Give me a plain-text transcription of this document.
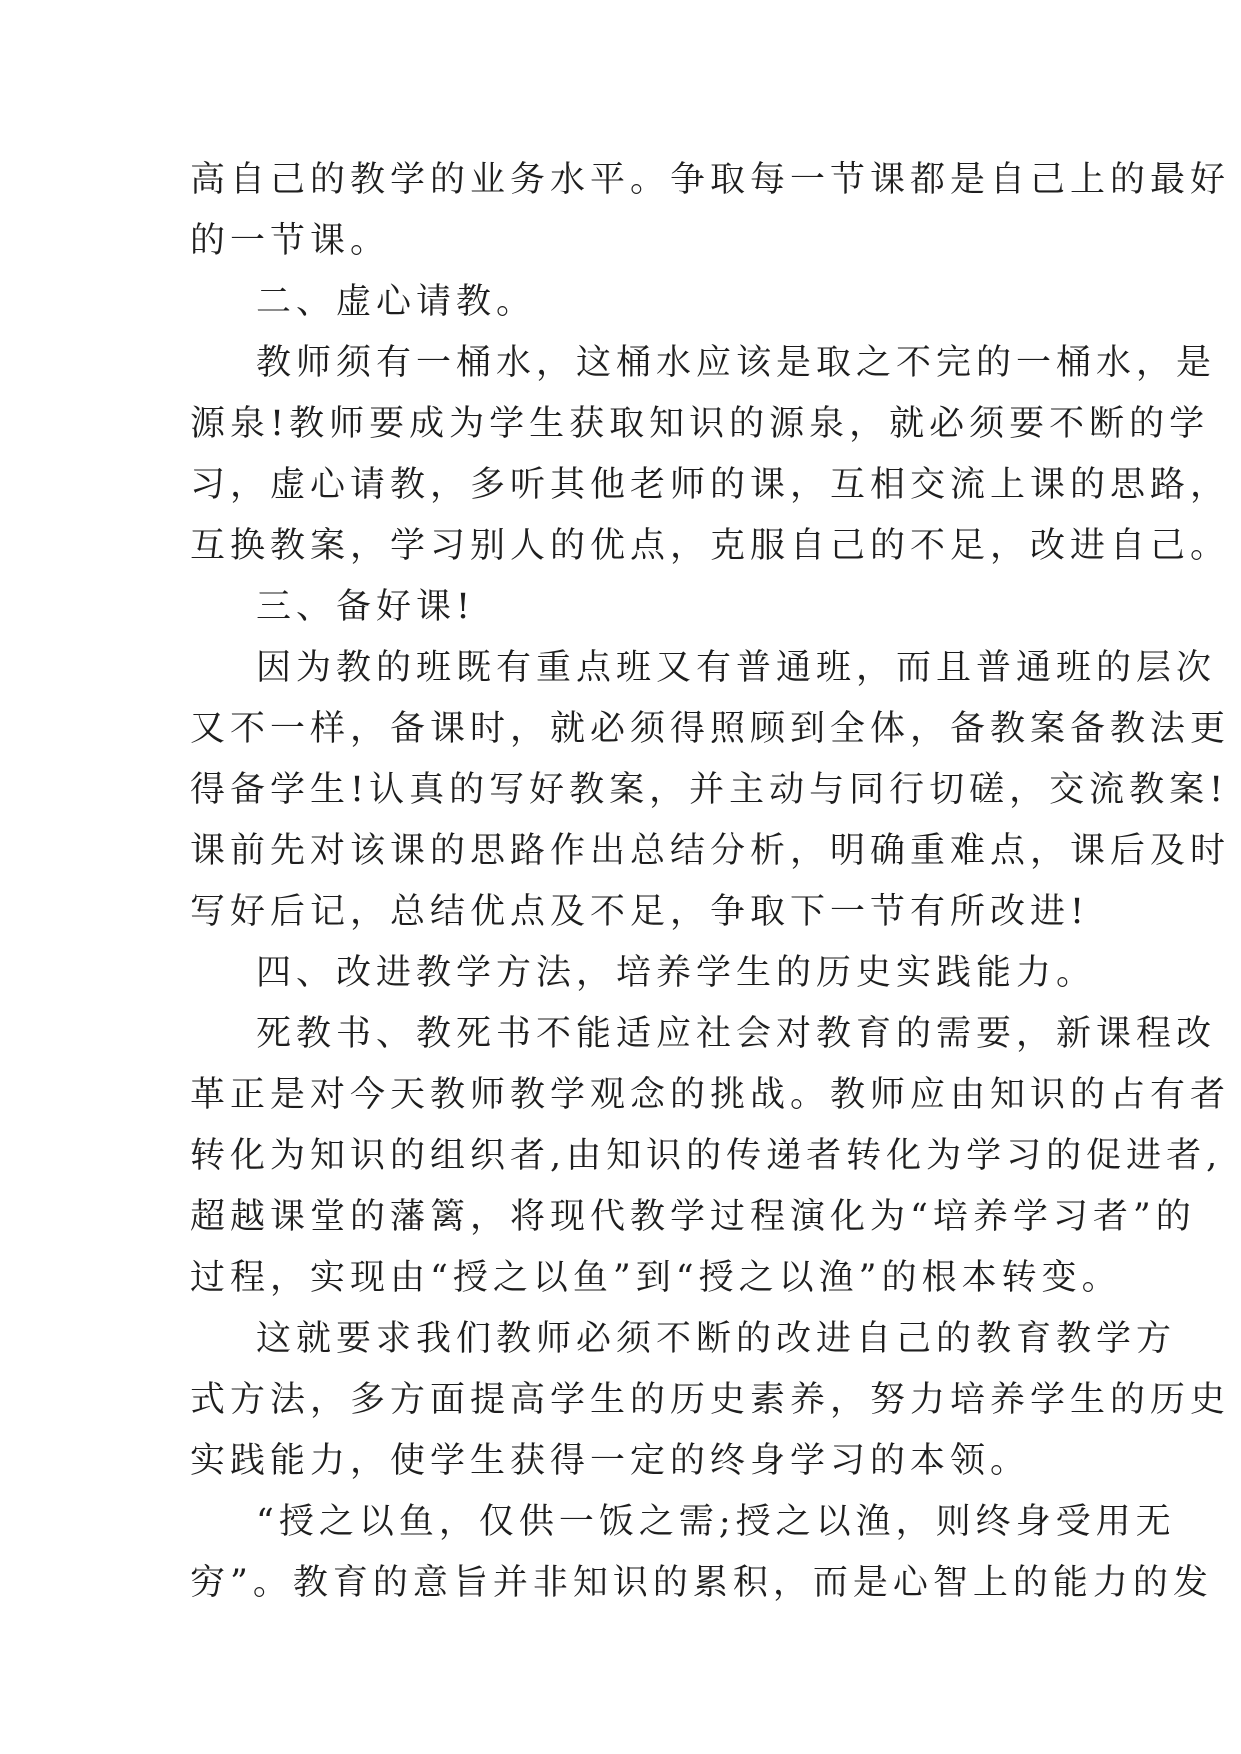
高自己的教学的业务水平。争取每一节课都是自己上的最好
的一节课。
二、虚心请教。
教师须有一桶水，这桶水应该是取之不完的一桶水，是
源泉!教师要成为学生获取知识的源泉，就必须要不断的学
习，虚心请教，多听其他老师的课，互相交流上课的思路，
互换教案，学习别人的优点，克服自己的不足，改进自己。
三、备好课!
因为教的班既有重点班又有普通班，而且普通班的层次
又不一样，备课时，就必须得照顾到全体，备教案备教法更
得备学生!认真的写好教案，并主动与同行切磋，交流教案!
课前先对该课的思路作出总结分析，明确重难点，课后及时
写好后记，总结优点及不足，争取下一节有所改进!
四、改进教学方法，培养学生的历史实践能力。
死教书、教死书不能适应社会对教育的需要，新课程改
革正是对今天教师教学观念的挑战。教师应由知识的占有者
转化为知识的组织者,由知识的传递者转化为学习的促进者,
超越课堂的藩篱，将现代教学过程演化为“培养学习者”的
过程，实现由“授之以鱼”到“授之以渔”的根本转变。
这就要求我们教师必须不断的改进自己的教育教学方
式方法，多方面提高学生的历史素养，努力培养学生的历史
实践能力，使学生获得一定的终身学习的本领。
“授之以鱼，仅供一饭之需;授之以渔，则终身受用无
穷”。教育的意旨并非知识的累积，而是心智上的能力的发
